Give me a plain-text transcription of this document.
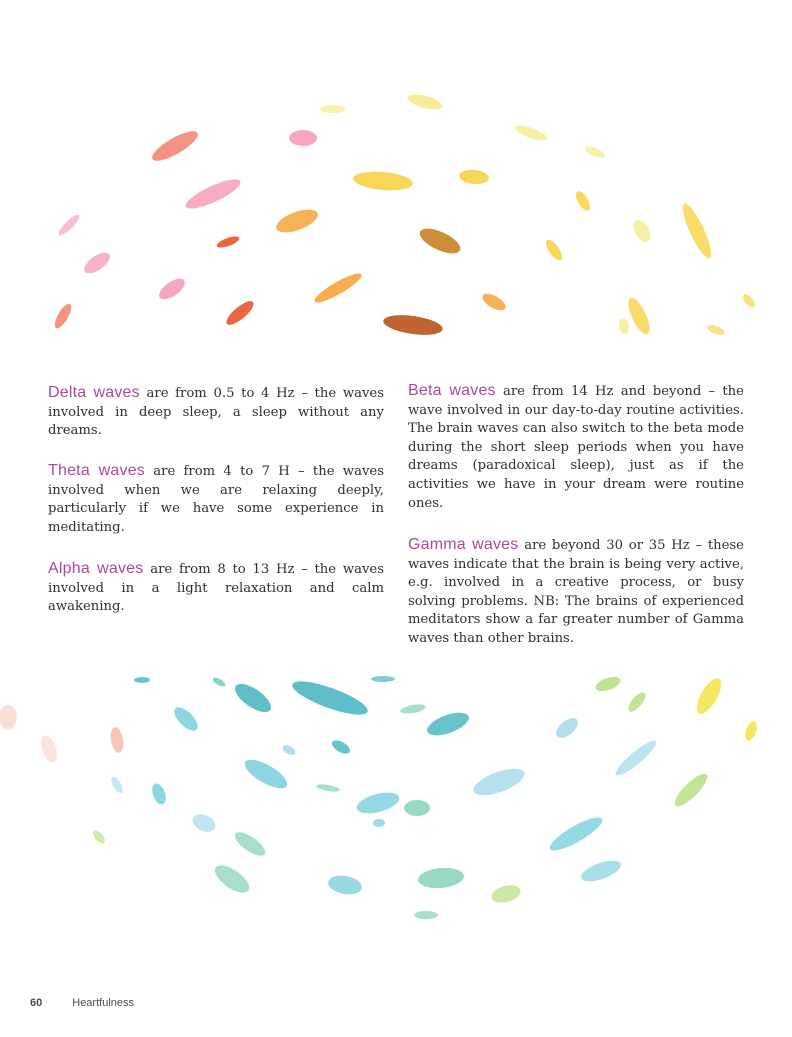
Delta waves are from 0.5 to 4 Hz – the waves involved in deep sleep, a sleep without any dreams.

Theta waves are from 4 to 7 H – the waves involved when we are relaxing deeply, particularly if we have some experience in meditating.

Alpha waves are from 8 to 13 Hz – the waves involved in a light relaxation and calm awakening.

Beta waves are from 14 Hz and beyond – the wave involved in our day-to-day routine activities. The brain waves can also switch to the beta mode during the short sleep periods when you have dreams (paradoxical sleep), just as if the activities we have in your dream were routine ones.

Gamma waves are beyond 30 or 35 Hz – these waves indicate that the brain is being very active, e.g. involved in a creative process, or busy solving problems. NB: The brains of experienced meditators show a far greater number of Gamma waves than other brains.

60	Heartfulness
